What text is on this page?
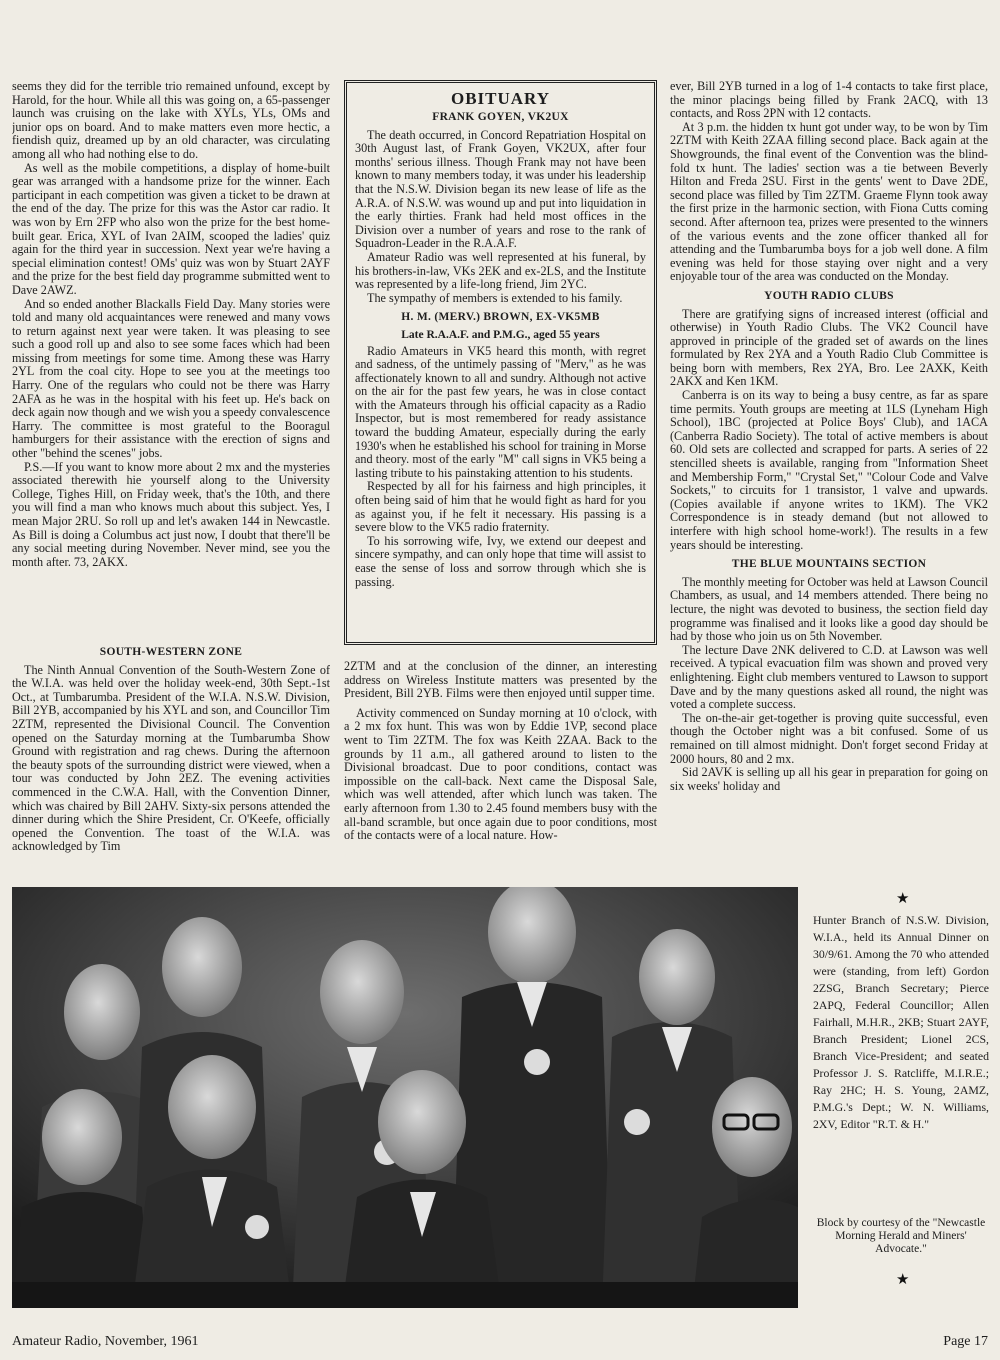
seems they did for the terrible trio remained unfound, except by Harold, for the hour. While all this was going on, a 65-passenger launch was cruising on the lake with XYLs, YLs, OMs and junior ops on board. And to make matters even more hectic, a fiendish quiz, dreamed up by an old character, was circulating among all who had nothing else to do.

As well as the mobile competitions, a display of home-built gear was arranged with a handsome prize for the winner. Each participant in each competition was given a ticket to be drawn at the end of the day. The prize for this was the Astor car radio. It was won by Ern 2FP who also won the prize for the best home-built gear. Erica, XYL of Ivan 2AIM, scooped the ladies' quiz again for the third year in succession. Next year we're having a special elimination contest! OMs' quiz was won by Stuart 2AYF and the prize for the best field day programme submitted went to Dave 2AWZ.

And so ended another Blackalls Field Day. Many stories were told and many old acquaintances were renewed and many vows to return against next year were taken. It was pleasing to see such a good roll up and also to see some faces which had been missing from meetings for some time. Among these was Harry 2YL from the coal city. Hope to see you at the meetings too Harry. One of the regulars who could not be there was Harry 2AFA as he was in the hospital with his feet up. He's back on deck again now though and we wish you a speedy convalescence Harry. The committee is most grateful to the Booragul hamburgers for their assistance with the erection of signs and other "behind the scenes" jobs.

P.S.—If you want to know more about 2 mx and the mysteries associated therewith hie yourself along to the University College, Tighes Hill, on Friday week, that's the 10th, and there you will find a man who knows much about this subject. Yes, I mean Major 2RU. So roll up and let's awaken 144 in Newcastle. As Bill is doing a Columbus act just now, I doubt that there'll be any social meeting during November. Never mind, see you the month after. 73, 2AKX.

SOUTH-WESTERN ZONE

The Ninth Annual Convention of the South-Western Zone of the W.I.A. was held over the holiday week-end, 30th Sept.-1st Oct., at Tumbarumba. President of the W.I.A. N.S.W. Division, Bill 2YB, accompanied by his XYL and son, and Councillor Tim 2ZTM, represented the Divisional Council. The Convention opened on the Saturday morning at the Tumbarumba Show Ground with registration and rag chews. During the afternoon the beauty spots of the surrounding district were viewed, when a tour was conducted by John 2EZ. The evening activities commenced in the C.W.A. Hall, with the Convention Dinner, which was chaired by Bill 2AHV. Sixty-six persons attended the dinner during which the Shire President, Cr. O'Keefe, officially opened the Convention. The toast of the W.I.A. was acknowledged by Tim

OBITUARY
FRANK GOYEN, VK2UX

The death occurred, in Concord Repatriation Hospital on 30th August last, of Frank Goyen, VK2UX, after four months' serious illness. Though Frank may not have been known to many members today, it was under his leadership that the N.S.W. Division began its new lease of life as the A.R.A. of N.S.W. was wound up and put into liquidation in the early thirties. Frank had held most offices in the Division over a number of years and rose to the rank of Squadron-Leader in the R.A.A.F.

Amateur Radio was well represented at his funeral, by his brothers-in-law, VKs 2EK and ex-2LS, and the Institute was represented by a life-long friend, Jim 2YC.

The sympathy of members is extended to his family.

H. M. (MERV.) BROWN, EX-VK5MB
Late R.A.A.F. and P.M.G., aged 55 years

Radio Amateurs in VK5 heard this month, with regret and sadness, of the untimely passing of "Merv," as he was affectionately known to all and sundry. Although not active on the air for the past few years, he was in close contact with the Amateurs through his official capacity as a Radio Inspector, but is most remembered for ready assistance toward the budding Amateur, especially during the early 1930's when he established his school for training in Morse and theory. most of the early "M" call signs in VK5 being a lasting tribute to his painstaking attention to his students.

Respected by all for his fairness and high principles, it often being said of him that he would fight as hard for you as against you, if he felt it necessary. His passing is a severe blow to the VK5 radio fraternity.

To his sorrowing wife, Ivy, we extend our deepest and sincere sympathy, and can only hope that time will assist to ease the sense of loss and sorrow through which she is passing.

2ZTM and at the conclusion of the dinner, an interesting address on Wireless Institute matters was presented by the President, Bill 2YB. Films were then enjoyed until supper time.

Activity commenced on Sunday morning at 10 o'clock, with a 2 mx fox hunt. This was won by Eddie 1VP, second place went to Tim 2ZTM. The fox was Keith 2ZAA. Back to the grounds by 11 a.m., all gathered around to listen to the Divisional broadcast. Due to poor conditions, contact was impossible on the call-back. Next came the Disposal Sale, which was well attended, after which lunch was taken. The early afternoon from 1.30 to 2.45 found members busy with the all-band scramble, but once again due to poor conditions, most of the contacts were of a local nature. How-

ever, Bill 2YB turned in a log of 1-4 contacts to take first place, the minor placings being filled by Frank 2ACQ, with 13 contacts, and Ross 2PN with 12 contacts.

At 3 p.m. the hidden tx hunt got under way, to be won by Tim 2ZTM with Keith 2ZAA filling second place. Back again at the Showgrounds, the final event of the Convention was the blind-fold tx hunt. The ladies' section was a tie between Beverly Hilton and Freda 2SU. First in the gents' went to Dave 2DE, second place was filled by Tim 2ZTM. Graeme Flynn took away the first prize in the harmonic section, with Fiona Cutts coming second. After afternoon tea, prizes were presented to the winners of the various events and the zone officer thanked all for attending and the Tumbarumba boys for a job well done. A film evening was held for those staying over night and a very enjoyable tour of the area was conducted on the Monday.

YOUTH RADIO CLUBS

There are gratifying signs of increased interest (official and otherwise) in Youth Radio Clubs. The VK2 Council have approved in principle of the graded set of awards on the lines formulated by Rex 2YA and a Youth Radio Club Committee is being born with members, Rex 2YA, Bro. Lee 2AXK, Keith 2AKX and Ken 1KM.

Canberra is on its way to being a busy centre, as far as spare time permits. Youth groups are meeting at 1LS (Lyneham High School), 1BC (projected at Police Boys' Club), and 1ACA (Canberra Radio Society). The total of active members is about 60. Old sets are collected and scrapped for parts. A series of 22 stencilled sheets is available, ranging from "Information Sheet and Membership Form," "Crystal Set," "Colour Code and Valve Sockets," to circuits for 1 transistor, 1 valve and upwards. (Copies available if anyone writes to 1KM). The VK2 Correspondence is in steady demand (but not allowed to interfere with high school home-work!). The results in a few years should be interesting.

THE BLUE MOUNTAINS SECTION

The monthly meeting for October was held at Lawson Council Chambers, as usual, and 14 members attended. There being no lecture, the night was devoted to business, the section field day programme was finalised and it looks like a good day should be had by those who join us on 5th November.

The lecture Dave 2NK delivered to C.D. at Lawson was well received. A typical evacuation film was shown and proved very enlightening. Eight club members ventured to Lawson to support Dave and by the many questions asked all round, the night was voted a complete success.

The on-the-air get-together is proving quite successful, even though the October night was a bit confused. Some of us remained on till almost midnight. Don't forget second Friday at 2000 hours, 80 and 2 mx.

Sid 2AVK is selling up all his gear in preparation for going on six weeks' holiday and

★
Hunter Branch of N.S.W. Division, W.I.A., held its Annual Dinner on 30/9/61. Among the 70 who attended were (standing, from left) Gordon 2ZSG, Branch Secretary; Pierce 2APQ, Federal Councillor; Allen Fairhall, M.H.R., 2KB; Stuart 2AYF, Branch President; Lionel 2CS, Branch Vice-President; and seated Professor J. S. Ratcliffe, M.I.R.E.; Ray 2HC; H. S. Young, 2AMZ, P.M.G.'s Dept.; W. N. Williams, 2XV, Editor "R.T. & H."
Block by courtesy of the "Newcastle Morning Herald and Miners' Advocate."
★
Amateur Radio, November, 1961	Page 17
